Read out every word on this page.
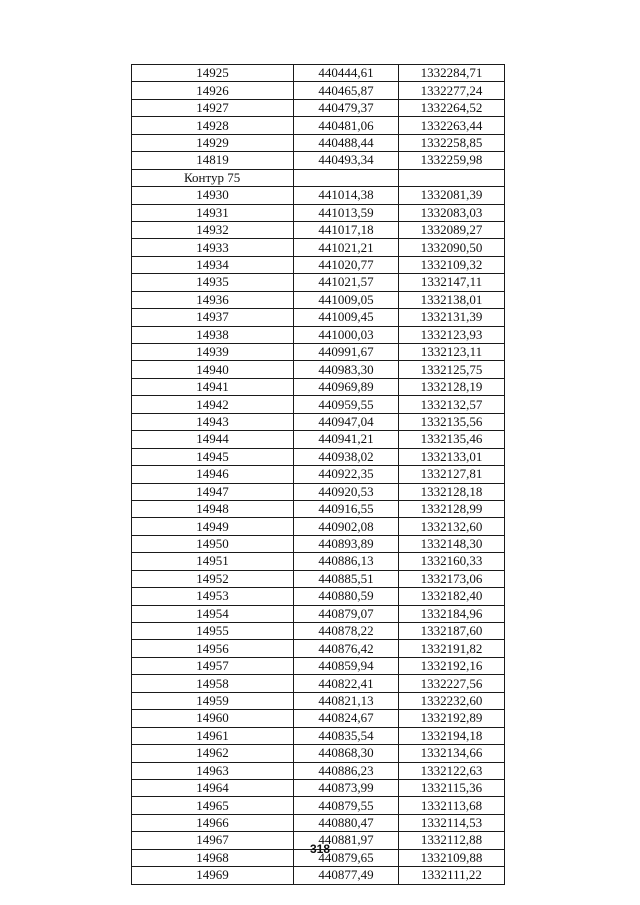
14925	440444,61	1332284,71
14926	440465,87	1332277,24
14927	440479,37	1332264,52
14928	440481,06	1332263,44
14929	440488,44	1332258,85
14819	440493,34	1332259,98
Контур 75		
14930	441014,38	1332081,39
14931	441013,59	1332083,03
14932	441017,18	1332089,27
14933	441021,21	1332090,50
14934	441020,77	1332109,32
14935	441021,57	1332147,11
14936	441009,05	1332138,01
14937	441009,45	1332131,39
14938	441000,03	1332123,93
14939	440991,67	1332123,11
14940	440983,30	1332125,75
14941	440969,89	1332128,19
14942	440959,55	1332132,57
14943	440947,04	1332135,56
14944	440941,21	1332135,46
14945	440938,02	1332133,01
14946	440922,35	1332127,81
14947	440920,53	1332128,18
14948	440916,55	1332128,99
14949	440902,08	1332132,60
14950	440893,89	1332148,30
14951	440886,13	1332160,33
14952	440885,51	1332173,06
14953	440880,59	1332182,40
14954	440879,07	1332184,96
14955	440878,22	1332187,60
14956	440876,42	1332191,82
14957	440859,94	1332192,16
14958	440822,41	1332227,56
14959	440821,13	1332232,60
14960	440824,67	1332192,89
14961	440835,54	1332194,18
14962	440868,30	1332134,66
14963	440886,23	1332122,63
14964	440873,99	1332115,36
14965	440879,55	1332113,68
14966	440880,47	1332114,53
14967	440881,97	1332112,88
14968	440879,65	1332109,88
14969	440877,49	1332111,22
318
